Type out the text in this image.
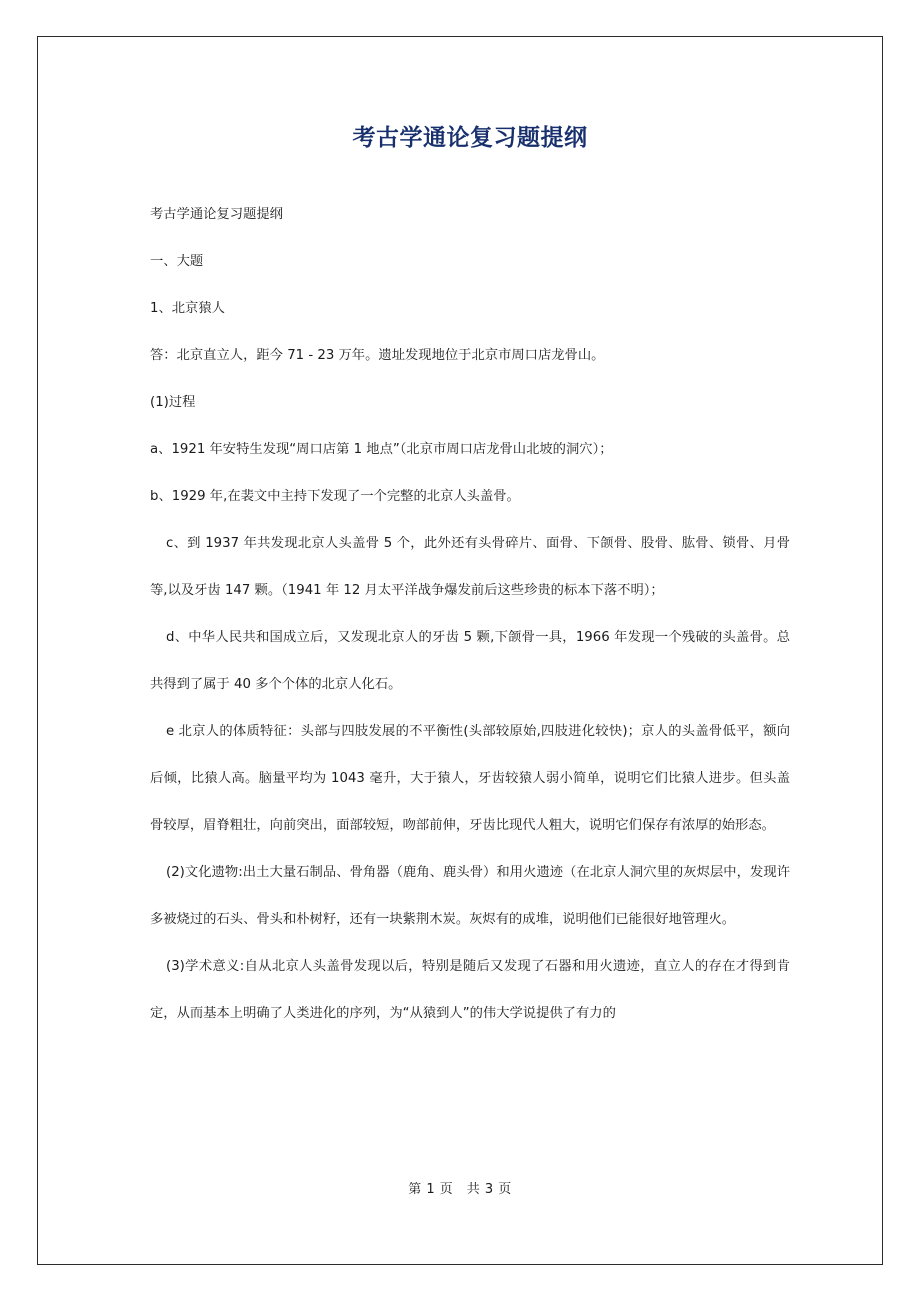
考古学通论复习题提纲

考古学通论复习题提纲

一、大题

1、北京猿人

答：北京直立人，距今 71 - 23 万年。遗址发现地位于北京市周口店龙骨山。

(1)过程

a、1921 年安特生发现“周口店第 1 地点”（北京市周口店龙骨山北坡的洞穴）；

b、1929 年,在裴文中主持下发现了一个完整的北京人头盖骨。

c、到 1937 年共发现北京人头盖骨 5 个，此外还有头骨碎片、面骨、下颌骨、股骨、肱骨、锁骨、月骨等,以及牙齿 147 颗。（1941 年 12 月太平洋战争爆发前后这些珍贵的标本下落不明）；

d、中华人民共和国成立后，又发现北京人的牙齿 5 颗,下颌骨一具，1966 年发现一个残破的头盖骨。总共得到了属于 40 多个个体的北京人化石。

e 北京人的体质特征：头部与四肢发展的不平衡性(头部较原始,四肢进化较快)；京人的头盖骨低平，额向后倾，比猿人高。脑量平均为 1043 毫升，大于猿人，牙齿较猿人弱小简单，说明它们比猿人进步。但头盖骨较厚，眉脊粗壮，向前突出，面部较短，吻部前伸，牙齿比现代人粗大，说明它们保存有浓厚的始形态。

(2)文化遗物:出土大量石制品、骨角器（鹿角、鹿头骨）和用火遗迹（在北京人洞穴里的灰烬层中，发现许多被烧过的石头、骨头和朴树籽，还有一块紫荆木炭。灰烬有的成堆，说明他们已能很好地管理火。

(3)学术意义:自从北京人头盖骨发现以后，特别是随后又发现了石器和用火遗迹，直立人的存在才得到肯定，从而基本上明确了人类进化的序列，为“从猿到人”的伟大学说提供了有力的

第 1 页　共 3 页
